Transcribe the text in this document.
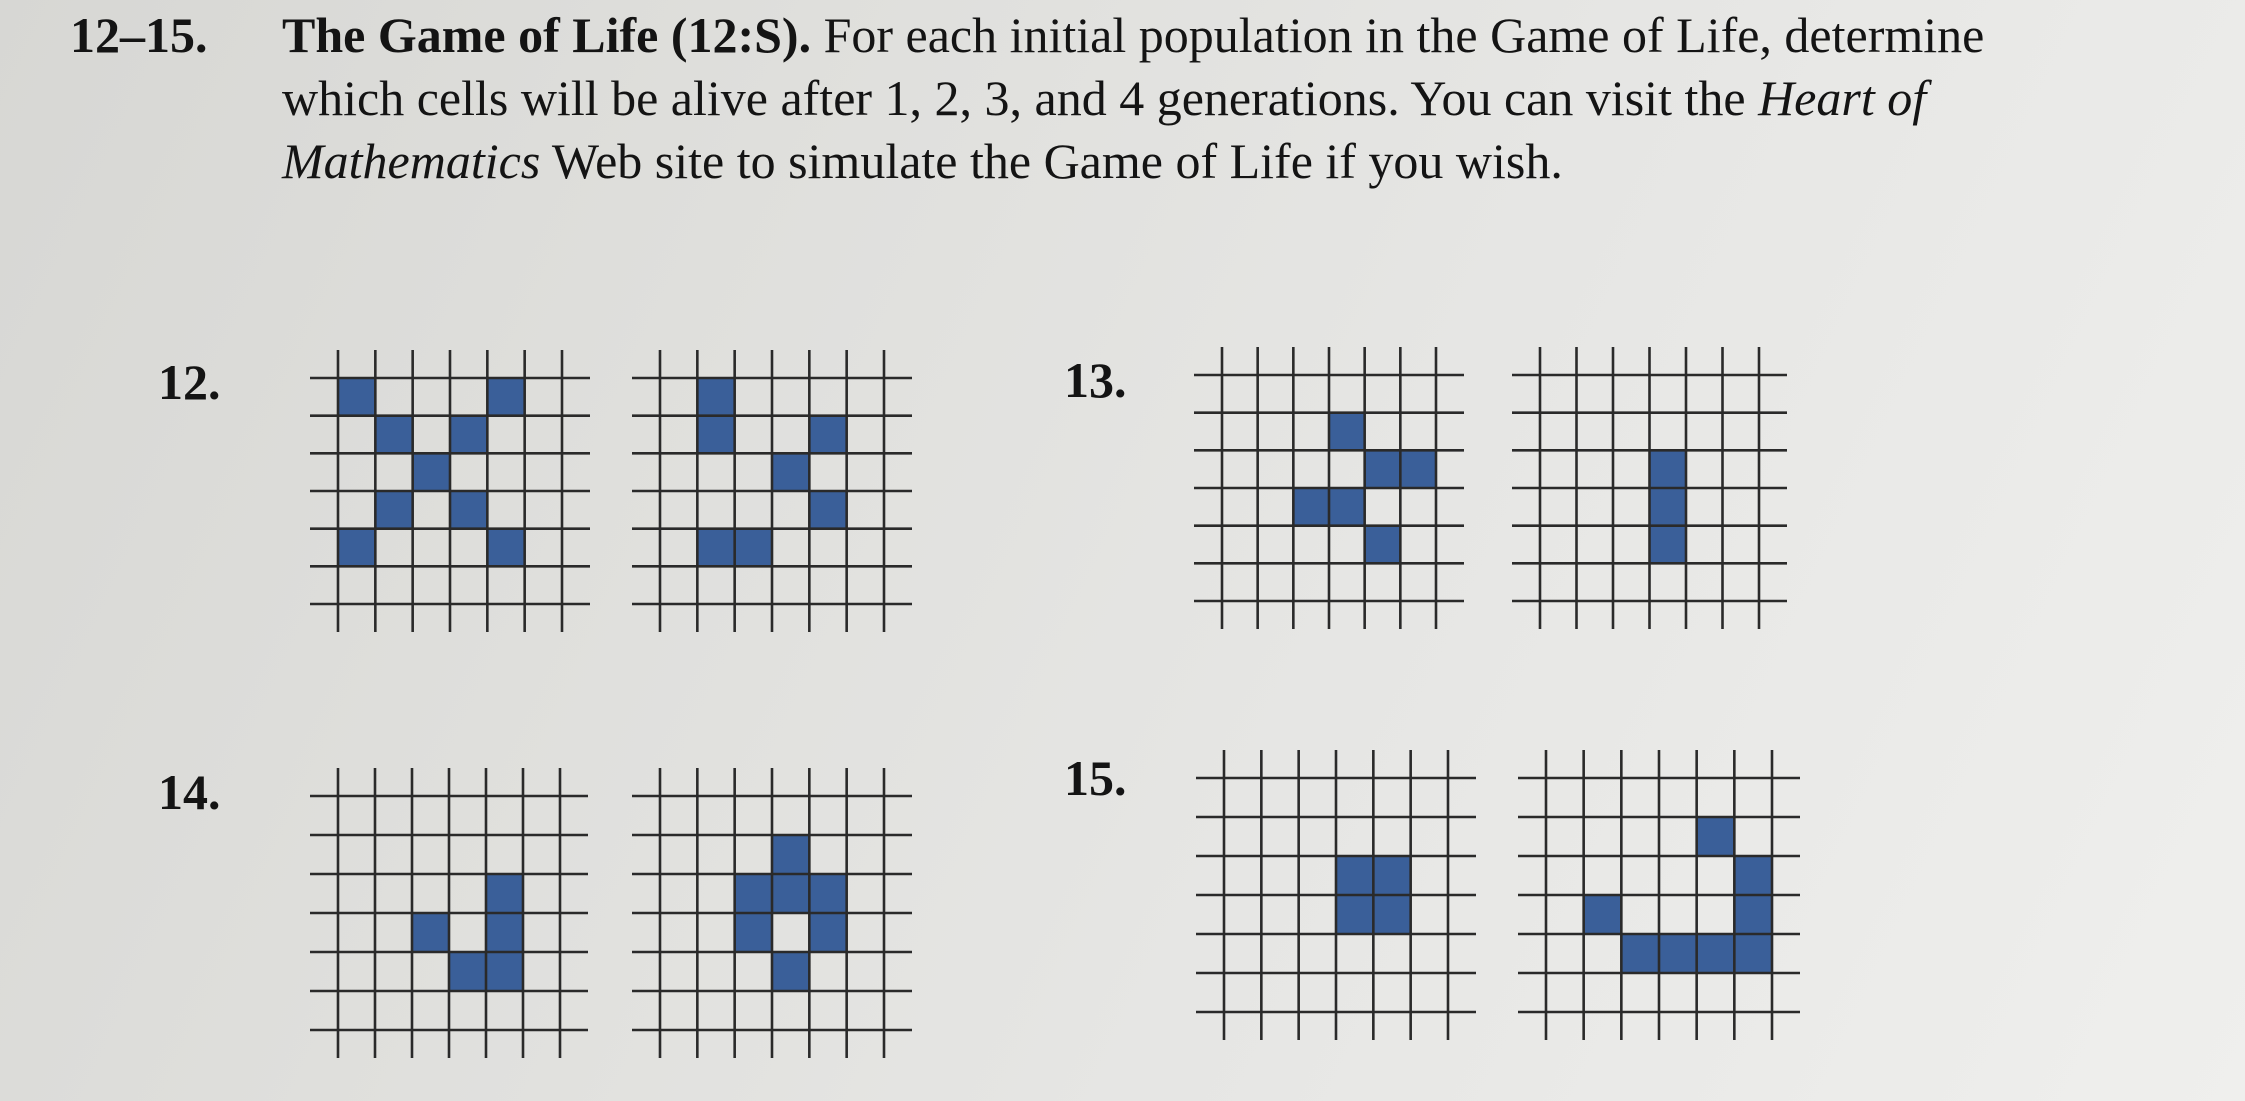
12–15. The Game of Life (12:S). For each initial population in the Game of Life, determine which cells will be alive after 1, 2, 3, and 4 generations. You can visit the Heart of Mathematics Web site to simulate the Game of Life if you wish.

12.	13.
14.	15.
